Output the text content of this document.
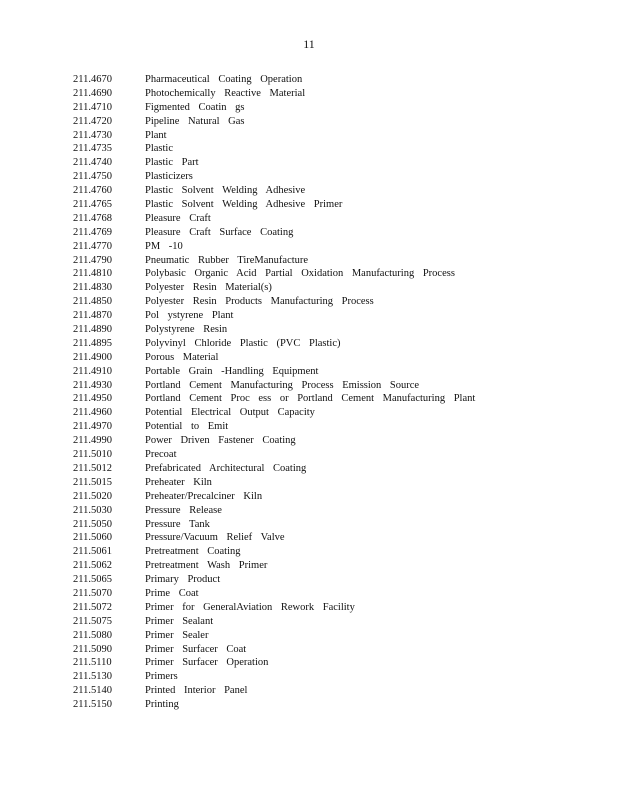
11
211.4670	Pharmaceutical Coating Operation
211.4690	Photochemically Reactive Material
211.4710	Figmented Coatin gs
211.4720	Pipeline Natural Gas
211.4730	Plant
211.4735	Plastic
211.4740	Plastic Part
211.4750	Plasticizers
211.4760	Plastic Solvent Welding Adhesive
211.4765	Plastic Solvent Welding Adhesive Primer
211.4768	Pleasure Craft
211.4769	Pleasure Craft Surface Coating
211.4770	PM -10
211.4790	Pneumatic Rubber TireManufacture
211.4810	Polybasic Organic Acid Partial Oxidation Manufacturing Process
211.4830	Polyester Resin Material(s)
211.4850	Polyester Resin Products Manufacturing Process
211.4870	Pol ystyrene Plant
211.4890	Polystyrene Resin
211.4895	Polyvinyl Chloride Plastic (PVC Plastic)
211.4900	Porous Material
211.4910	Portable Grain -Handling Equipment
211.4930	Portland Cement Manufacturing Process Emission Source
211.4950	Portland Cement Proc ess or Portland Cement Manufacturing Plant
211.4960	Potential Electrical Output Capacity
211.4970	Potential to Emit
211.4990	Power Driven Fastener Coating
211.5010	Precoat
211.5012	Prefabricated Architectural Coating
211.5015	Preheater Kiln
211.5020	Preheater/Precalciner Kiln
211.5030	Pressure Release
211.5050	Pressure Tank
211.5060	Pressure/Vacuum Relief Valve
211.5061	Pretreatment Coating
211.5062	Pretreatment Wash Primer
211.5065	Primary Product
211.5070	Prime Coat
211.5072	Primer for GeneralAviation Rework Facility
211.5075	Primer Sealant
211.5080	Primer Sealer
211.5090	Primer Surfacer Coat
211.5110	Primer Surfacer Operation
211.5130	Primers
211.5140	Printed Interior Panel
211.5150	Printing
